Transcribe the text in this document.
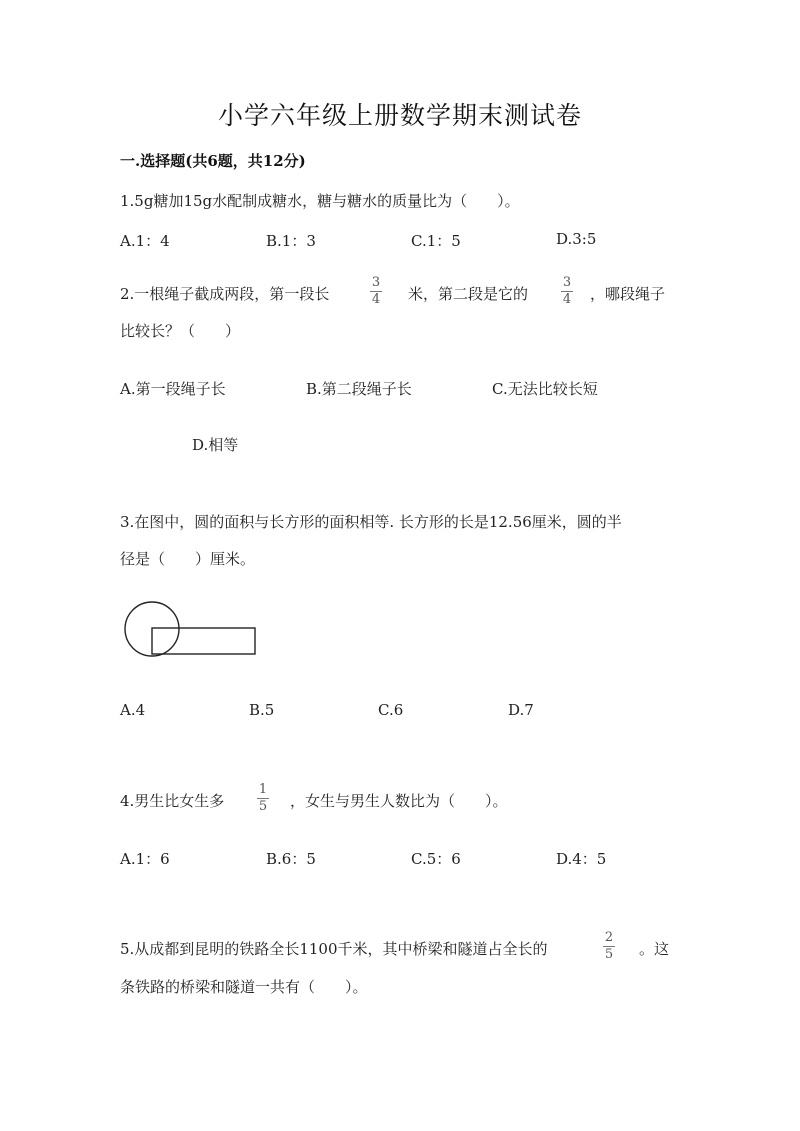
小学六年级上册数学期末测试卷
一.选择题(共6题，共12分)
1.5g糖加15g水配制成糖水，糖与糖水的质量比为（　　）。
A.1：4	B.1：3	C.1：5	D.3:5
2.一根绳子截成两段，第一段长
3
4 米，第二段是它的
3
4 ，哪段绳子
比较长？（　　）
A.第一段绳子长	B.第二段绳子长	C.无法比较长短
D.相等
3.在图中，圆的面积与长方形的面积相等. 长方形的长是12.56厘米，圆的半
径是（　　）厘米。
A.4	B.5	C.6	D.7
4.男生比女生多
1
5 ，女生与男生人数比为（　　）。
A.1：6	B.6：5	C.5：6	D.4：5
5.从成都到昆明的铁路全长1100千米，其中桥梁和隧道占全长的
2
5 。这
条铁路的桥梁和隧道一共有（　　）。
